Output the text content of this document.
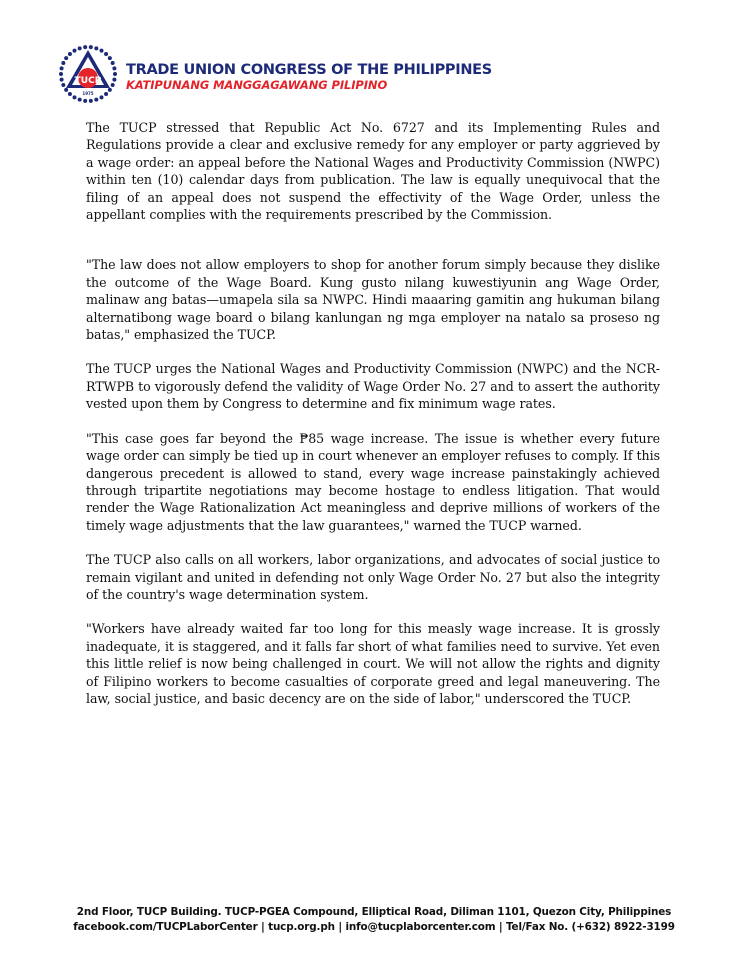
TUCP
1975
TRADE UNION CONGRESS OF THE PHILIPPINES
KATIPUNANG MANGGAGAWANG PILIPINO

The TUCP stressed that Republic Act No. 6727 and its Implementing Rules and Regulations provide a clear and exclusive remedy for any employer or party aggrieved by a wage order: an appeal before the National Wages and Productivity Commission (NWPC) within ten (10) calendar days from publication. The law is equally unequivocal that the filing of an appeal does not suspend the effectivity of the Wage Order, unless the appellant complies with the requirements prescribed by the Commission.

"The law does not allow employers to shop for another forum simply because they dislike the outcome of the Wage Board. Kung gusto nilang kuwestiyunin ang Wage Order, malinaw ang batas—umapela sila sa NWPC. Hindi maaaring gamitin ang hukuman bilang alternatibong wage board o bilang kanlungan ng mga employer na natalo sa proseso ng batas," emphasized the TUCP.

The TUCP urges the National Wages and Productivity Commission (NWPC) and the NCR-RTWPB to vigorously defend the validity of Wage Order No. 27 and to assert the authority vested upon them by Congress to determine and fix minimum wage rates.

"This case goes far beyond the ₱85 wage increase. The issue is whether every future wage order can simply be tied up in court whenever an employer refuses to comply. If this dangerous precedent is allowed to stand, every wage increase painstakingly achieved through tripartite negotiations may become hostage to endless litigation. That would render the Wage Rationalization Act meaningless and deprive millions of workers of the timely wage adjustments that the law guarantees," warned the TUCP warned.

The TUCP also calls on all workers, labor organizations, and advocates of social justice to remain vigilant and united in defending not only Wage Order No. 27 but also the integrity of the country's wage determination system.

"Workers have already waited far too long for this measly wage increase. It is grossly inadequate, it is staggered, and it falls far short of what families need to survive. Yet even this little relief is now being challenged in court. We will not allow the rights and dignity of Filipino workers to become casualties of corporate greed and legal maneuvering. The law, social justice, and basic decency are on the side of labor," underscored the TUCP.

2nd Floor, TUCP Building. TUCP-PGEA Compound, Elliptical Road, Diliman 1101, Quezon City, Philippines
facebook.com/TUCPLaborCenter | tucp.org.ph | info@tucplaborcenter.com | Tel/Fax No. (+632) 8922-3199
